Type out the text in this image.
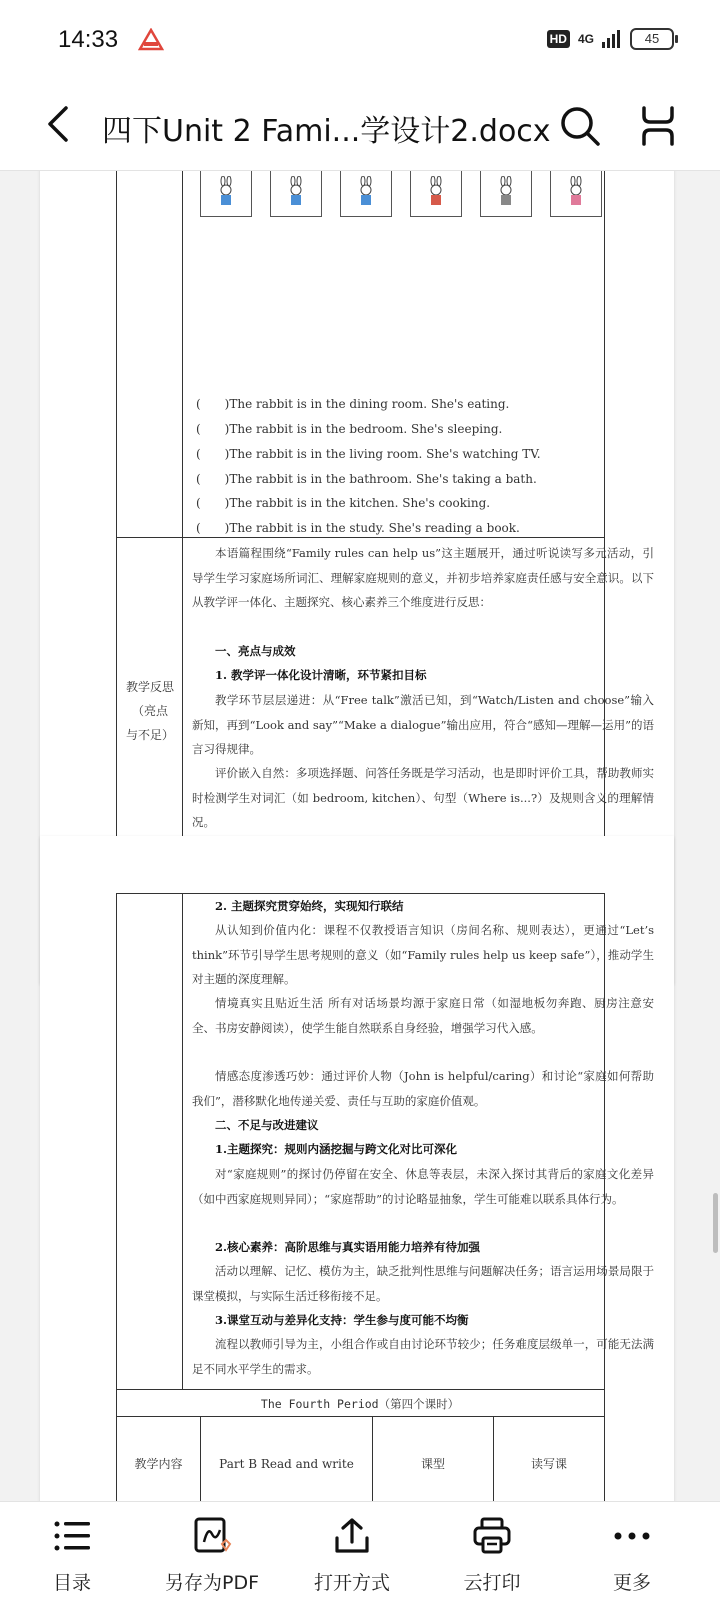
14:33	HD 4G	45
四下Unit 2 Fami...学设计2.docx
(　　)The rabbit is in the dining room. She's eating.
(　　)The rabbit is in the bedroom. She's sleeping.
(　　)The rabbit is in the living room. She's watching TV.
(　　)The rabbit is in the bathroom. She's taking a bath.
(　　)The rabbit is in the kitchen. She's cooking.
(　　)The rabbit is in the study. She's reading a book.
教学反思
（亮点
与不足）
本语篇程围绕“Family rules can help us”这主题展开，通过听说读写多元活动，引导学生学习家庭场所词汇、理解家庭规则的意义，并初步培养家庭责任感与安全意识。以下从教学评一体化、主题探究、核心素养三个维度进行反思：
一、亮点与成效
1. 教学评一体化设计清晰，环节紧扣目标
教学环节层层递进：从“Free talk”激活已知，到“Watch/Listen and choose”输入新知，再到“Look and say”“Make a dialogue”输出应用，符合“感知—理解—运用”的语言习得规律。
评价嵌入自然：多项选择题、问答任务既是学习活动，也是即时评价工具，帮助教师实时检测学生对词汇（如 bedroom, kitchen）、句型（Where is...?）及规则含义的理解情况。
2. 主题探究贯穿始终，实现知行联结
从认知到价值内化：课程不仅教授语言知识（房间名称、规则表达），更通过“Let’s think”环节引导学生思考规则的意义（如“Family rules help us keep safe”），推动学生对主题的深度理解。
情境真实且贴近生活 所有对话场景均源于家庭日常（如湿地板勿奔跑、厨房注意安全、书房安静阅读），使学生能自然联系自身经验，增强学习代入感。
情感态度渗透巧妙：通过评价人物（John is helpful/caring）和讨论“家庭如何帮助我们”，潜移默化地传递关爱、责任与互助的家庭价值观。
二、不足与改进建议
1.主题探究：规则内涵挖掘与跨文化对比可深化
对“家庭规则”的探讨仍停留在安全、休息等表层，未深入探讨其背后的家庭文化差异（如中西家庭规则异同）；“家庭帮助”的讨论略显抽象，学生可能难以联系具体行为。
2.核心素养：高阶思维与真实语用能力培养有待加强
活动以理解、记忆、模仿为主，缺乏批判性思维与问题解决任务；语言运用场景局限于课堂模拟，与实际生活迁移衔接不足。
3.课堂互动与差异化支持：学生参与度可能不均衡
流程以教师引导为主，小组合作或自由讨论环节较少；任务难度层级单一，可能无法满足不同水平学生的需求。
The Fourth Period（第四个课时）
教学内容	Part B Read and write	课型	读写课
目录	另存为PDF	打开方式	云打印	更多
